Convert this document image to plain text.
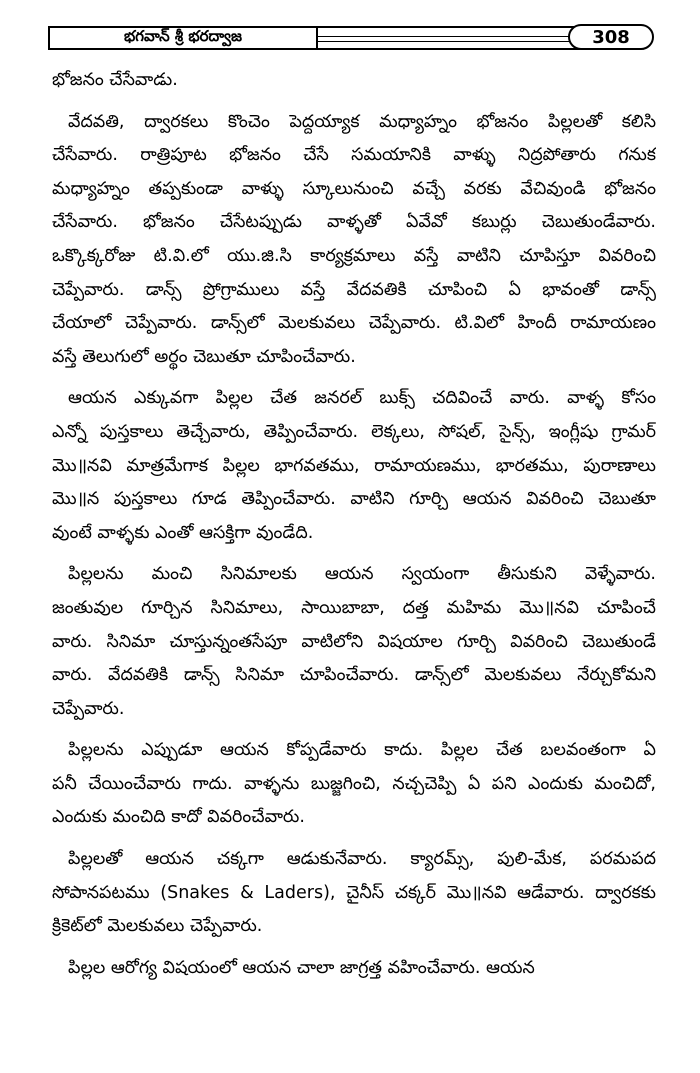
భగవాన్ శ్రీ భరద్వాజ	308
భోజనం చేసేవాడు.
వేదవతి, ద్వారకలు కొంచెం పెద్దయ్యాక మధ్యాహ్నం భోజనం పిల్లలతో కలిసి
చేసేవారు. రాత్రిపూట భోజనం చేసే సమయానికి వాళ్ళు నిద్రపోతారు గనుక
మధ్యాహ్నం తప్పకుండా వాళ్ళు స్కూలునుంచి వచ్చే వరకు వేచివుండి భోజనం
చేసేవారు. భోజనం చేసేటప్పుడు వాళ్ళతో ఏవేవో కబుర్లు చెబుతుండేవారు.
ఒక్కొక్కరోజు టి.వి.లో యు.జి.సి కార్యక్రమాలు వస్తే వాటిని చూపిస్తూ వివరించి
చెప్పేవారు. డాన్స్ ప్రోగ్రాములు వస్తే వేదవతికి చూపించి ఏ భావంతో డాన్స్
చేయాలో చెప్పేవారు. డాన్స్‌లో మెలకువలు చెప్పేవారు. టి.విలో హిందీ రామాయణం
వస్తే తెలుగులో అర్థం చెబుతూ చూపించేవారు.
ఆయన ఎక్కువగా పిల్లల చేత జనరల్ బుక్స్ చదివించే వారు. వాళ్ళ కోసం
ఎన్నో పుస్తకాలు తెచ్చేవారు, తెప్పించేవారు. లెక్కలు, సోషల్, సైన్స్, ఇంగ్లీషు గ్రామర్
మొ॥నవి మాత్రమేగాక పిల్లల భాగవతము, రామాయణము, భారతము, పురాణాలు
మొ॥న పుస్తకాలు గూడ తెప్పించేవారు. వాటిని గూర్చి ఆయన వివరించి చెబుతూ
వుంటే వాళ్ళకు ఎంతో ఆసక్తిగా వుండేది.
పిల్లలను మంచి సినిమాలకు ఆయన స్వయంగా తీసుకుని వెళ్ళేవారు.
జంతువుల గూర్చిన సినిమాలు, సాయిబాబా, దత్త మహిమ మొ॥నవి చూపించే
వారు. సినిమా చూస్తున్నంతసేపూ వాటిలోని విషయాల గూర్చి వివరించి చెబుతుండే
వారు. వేదవతికి డాన్స్ సినిమా చూపించేవారు. డాన్స్‌లో మెలకువలు నేర్చుకోమని
చెప్పేవారు.
పిల్లలను ఎప్పుడూ ఆయన కోప్పడేవారు కాదు. పిల్లల చేత బలవంతంగా ఏ
పనీ చేయించేవారు గాదు. వాళ్ళను బుజ్జగించి, నచ్చచెప్పి ఏ పని ఎందుకు మంచిదో,
ఎందుకు మంచిది కాదో వివరించేవారు.
పిల్లలతో ఆయన చక్కగా ఆడుకునేవారు. క్యారమ్స్, పులి-మేక, పరమపద
సోపానపటము (Snakes & Laders), చైనీస్ చక్కర్ మొ॥నవి ఆడేవారు. ద్వారకకు
క్రికెట్‌లో మెలకువలు చెప్పేవారు.
పిల్లల ఆరోగ్య విషయంలో ఆయన చాలా జాగ్రత్త వహించేవారు. ఆయన
